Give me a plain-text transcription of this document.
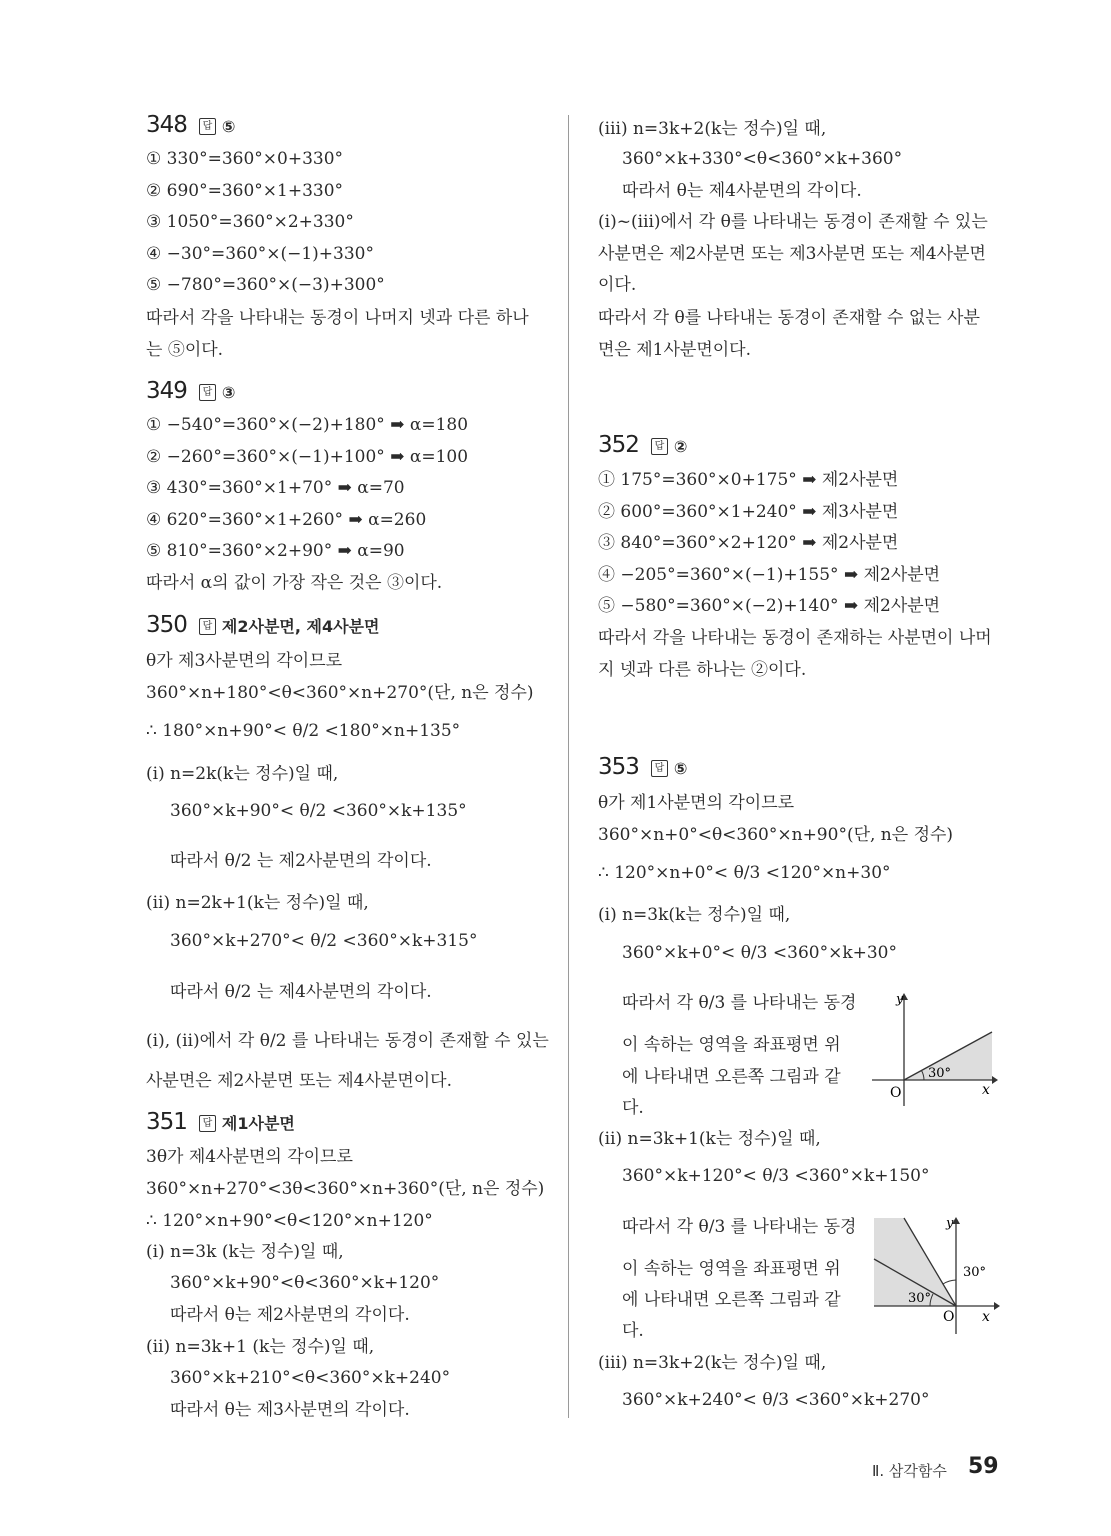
348 답 ⑤
① 330°=360°×0+330°
② 690°=360°×1+330°
③ 1050°=360°×2+330°
④ −30°=360°×(−1)+330°
⑤ −780°=360°×(−3)+300°
따라서 각을 나타내는 동경이 나머지 넷과 다른 하나
는 ⑤이다.
349 답 ③
① −540°=360°×(−2)+180° ➡ α=180
② −260°=360°×(−1)+100° ➡ α=100
③ 430°=360°×1+70° ➡ α=70
④ 620°=360°×1+260° ➡ α=260
⑤ 810°=360°×2+90° ➡ α=90
따라서 α의 값이 가장 작은 것은 ③이다.
350 답 제2사분면, 제4사분면
θ가 제3사분면의 각이므로
360°×n+180°<θ<360°×n+270°(단, n은 정수)
∴ 180°×n+90°< θ/2 <180°×n+135°
(ⅰ) n=2k(k는 정수)일 때,
360°×k+90°< θ/2 <360°×k+135°
따라서 θ/2 는 제2사분면의 각이다.
(ⅱ) n=2k+1(k는 정수)일 때,
360°×k+270°< θ/2 <360°×k+315°
따라서 θ/2 는 제4사분면의 각이다.
(ⅰ), (ⅱ)에서 각 θ/2 를 나타내는 동경이 존재할 수 있는
사분면은 제2사분면 또는 제4사분면이다.
351 답 제1사분면
3θ가 제4사분면의 각이므로
360°×n+270°<3θ<360°×n+360°(단, n은 정수)
∴ 120°×n+90°<θ<120°×n+120°
(ⅰ) n=3k (k는 정수)일 때,
360°×k+90°<θ<360°×k+120°
따라서 θ는 제2사분면의 각이다.
(ⅱ) n=3k+1 (k는 정수)일 때,
360°×k+210°<θ<360°×k+240°
따라서 θ는 제3사분면의 각이다.
(ⅲ) n=3k+2(k는 정수)일 때,
360°×k+330°<θ<360°×k+360°
따라서 θ는 제4사분면의 각이다.
(ⅰ)~(ⅲ)에서 각 θ를 나타내는 동경이 존재할 수 있는
사분면은 제2사분면 또는 제3사분면 또는 제4사분면
이다.
따라서 각 θ를 나타내는 동경이 존재할 수 없는 사분
면은 제1사분면이다.
352 답 ②
① 175°=360°×0+175° ➡ 제2사분면
② 600°=360°×1+240° ➡ 제3사분면
③ 840°=360°×2+120° ➡ 제2사분면
④ −205°=360°×(−1)+155° ➡ 제2사분면
⑤ −580°=360°×(−2)+140° ➡ 제2사분면
따라서 각을 나타내는 동경이 존재하는 사분면이 나머
지 넷과 다른 하나는 ②이다.
353 답 ⑤
θ가 제1사분면의 각이므로
360°×n+0°<θ<360°×n+90°(단, n은 정수)
∴ 120°×n+0°< θ/3 <120°×n+30°
(ⅰ) n=3k(k는 정수)일 때,
360°×k+0°< θ/3 <360°×k+30°
따라서 각 θ/3 를 나타내는 동경
이 속하는 영역을 좌표평면 위
에 나타내면 오른쪽 그림과 같
다.
(ⅱ) n=3k+1(k는 정수)일 때,
360°×k+120°< θ/3 <360°×k+150°
따라서 각 θ/3 를 나타내는 동경
이 속하는 영역을 좌표평면 위
에 나타내면 오른쪽 그림과 같
다.
(ⅲ) n=3k+2(k는 정수)일 때,
360°×k+240°< θ/3 <360°×k+270°
y
x
O
30°
y
x
O
30°
30°
Ⅱ. 삼각함수 59
